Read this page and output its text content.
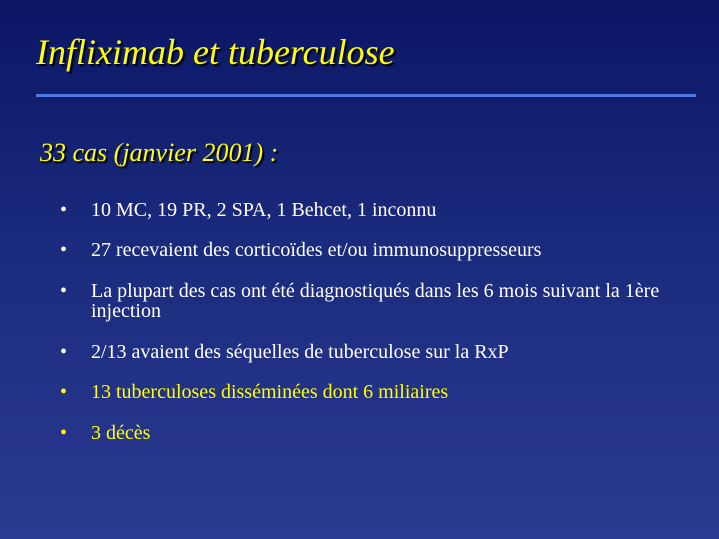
Infliximab et tuberculose
33 cas (janvier 2001) :
• 10 MC, 19 PR, 2 SPA, 1 Behcet, 1 inconnu
• 27 recevaient des corticoïdes et/ou immunosuppresseurs
• La plupart des cas ont été diagnostiqués dans les 6 mois suivant la 1ère injection
• 2/13 avaient des séquelles de tuberculose sur la RxP
• 13 tuberculoses disséminées dont 6 miliaires
• 3 décès
